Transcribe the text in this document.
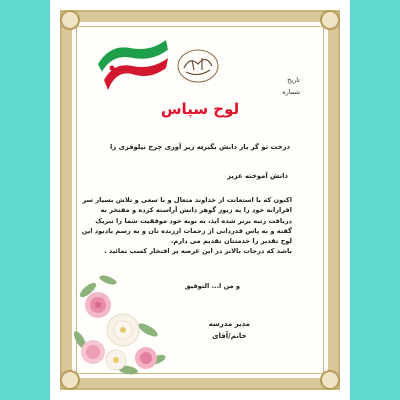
تاریخ
شماره
لوح سپاس
درخت تو گر بار دانش بگیرد
به زیر آوری چرخ نیلوفری را
دانش آموخته عزیز
اکنون که با استعانت از خداوند متعال و با سعی و تلاش بسیار سر
افرازانه خود را به زیور گوهر دانش آراسته کرده و مفتخر به
دریافت رتبه برتر شده اید، به نوبه خود موفقیت شما را تبریک
گفته و به پاس قدردانی از زحمات ارزنده تان و به رسم یادبود این
لوح تقدیر را خدمتتان تقدیم می دارم.
باشد که درجات بالاتر در این عرصه پر افتخار کسب نمائید .
و من ا... التوفیق
مدیر مدرسه
خانم/آقای
